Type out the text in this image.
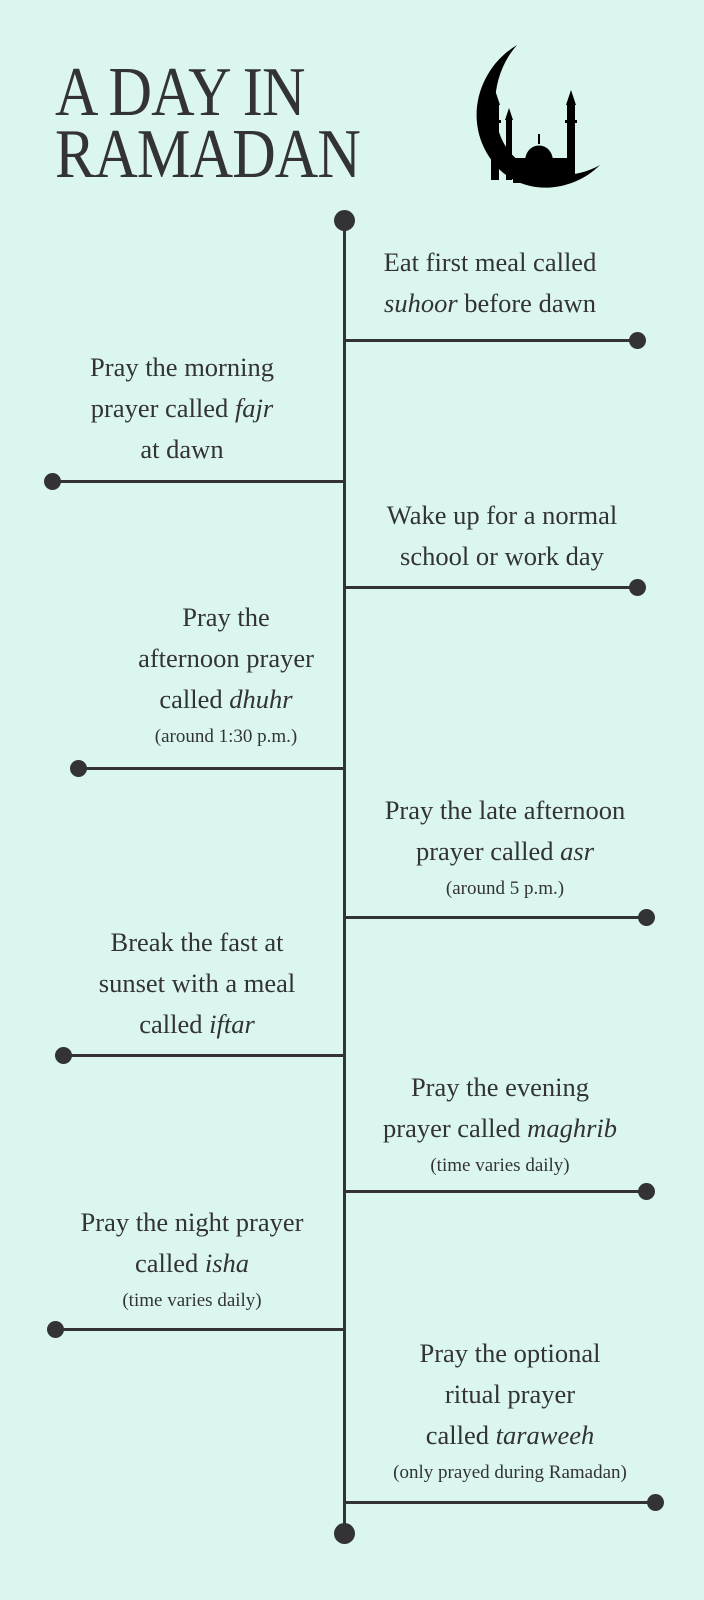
A DAY IN
RAMADAN
Eat first meal called
suhoor before dawn
Pray the morning
prayer called fajr
at dawn
Wake up for a normal
school or work day
Pray the
afternoon prayer
called dhuhr
(around 1:30 p.m.)
Pray the late afternoon
prayer called asr
(around 5 p.m.)
Break the fast at
sunset with a meal
called iftar
Pray the evening
prayer called maghrib
(time varies daily)
Pray the night prayer
called isha
(time varies daily)
Pray the optional
ritual prayer
called taraweeh
(only prayed during Ramadan)
